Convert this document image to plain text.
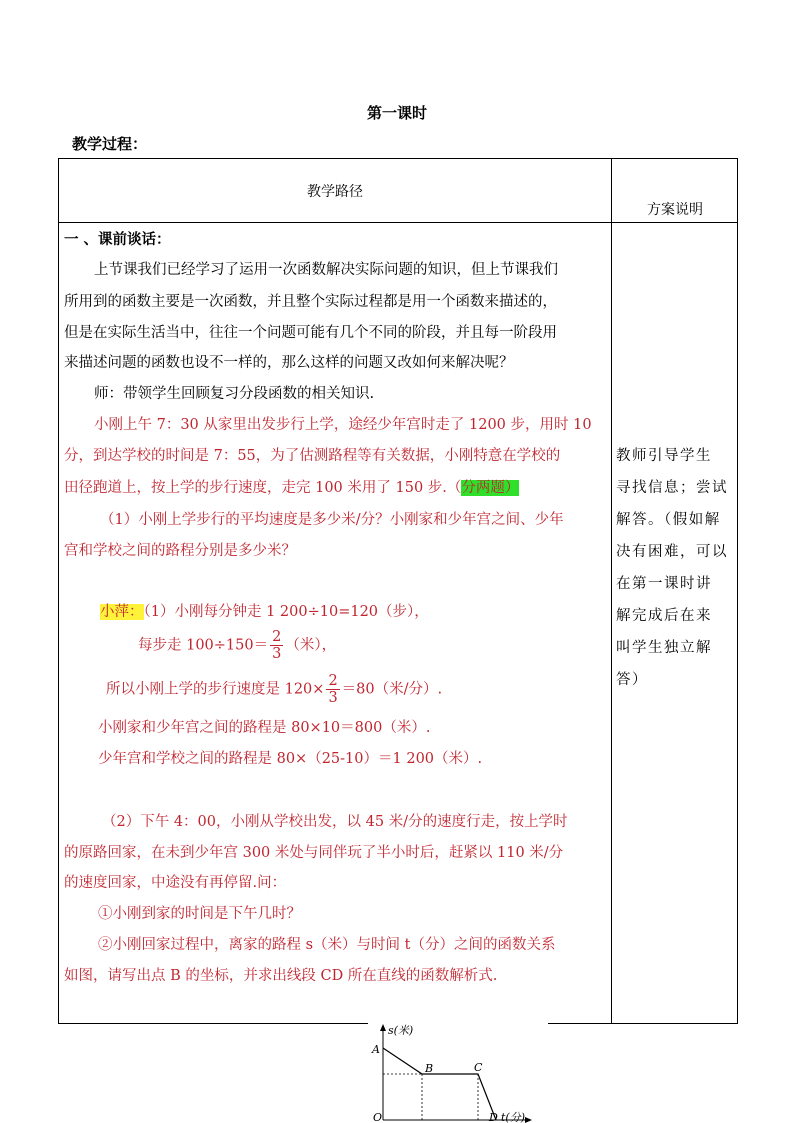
第一课时
教学过程：
教学路径
方案说明
一 、课前谈话：
上节课我们已经学习了运用一次函数解决实际问题的知识，但上节课我们
所用到的函数主要是一次函数，并且整个实际过程都是用一个函数来描述的，
但是在实际生活当中，往往一个问题可能有几个不同的阶段，并且每一阶段用
来描述问题的函数也设不一样的，那么这样的问题又改如何来解决呢？
师：带领学生回顾复习分段函数的相关知识.
小刚上午 7：30 从家里出发步行上学，途经少年宫时走了 1200 步，用时 10
分，到达学校的时间是 7：55，为了估测路程等有关数据，小刚特意在学校的
田径跑道上，按上学的步行速度，走完 100 米用了 150 步.（分两题）
（1）小刚上学步行的平均速度是多少米/分？小刚家和少年宫之间、少年
宫和学校之间的路程分别是多少米？
小萍：（1）小刚每分钟走 1 200÷10=120（步），
每步走 $100\div 150= \frac{2}{3}$ （米），
所以小刚上学的步行速度是 $120\times \frac{2}{3} =80$（米/分）.
小刚家和少年宫之间的路程是 80×10＝800（米）.
少年宫和学校之间的路程是 80×（25-10）＝1 200（米）.
（2）下午 4：00，小刚从学校出发，以 45 米/分的速度行走，按上学时
的原路回家，在未到少年宫 300 米处与同伴玩了半小时后，赶紧以 110 米/分
的速度回家，中途没有再停留.问：
①小刚到家的时间是下午几时？
②小刚回家过程中，离家的路程 s（米）与时间 t（分）之间的函数关系
如图，请写出点 B 的坐标，并求出线段 CD 所在直线的函数解析式.
教师引导学生
寻找信息；尝试
解答。（假如解
决有困难，可以
在第一课时讲
解完成后在来
叫学生独立解
答）
s(米)
t(分)
A
B	C
D
O
